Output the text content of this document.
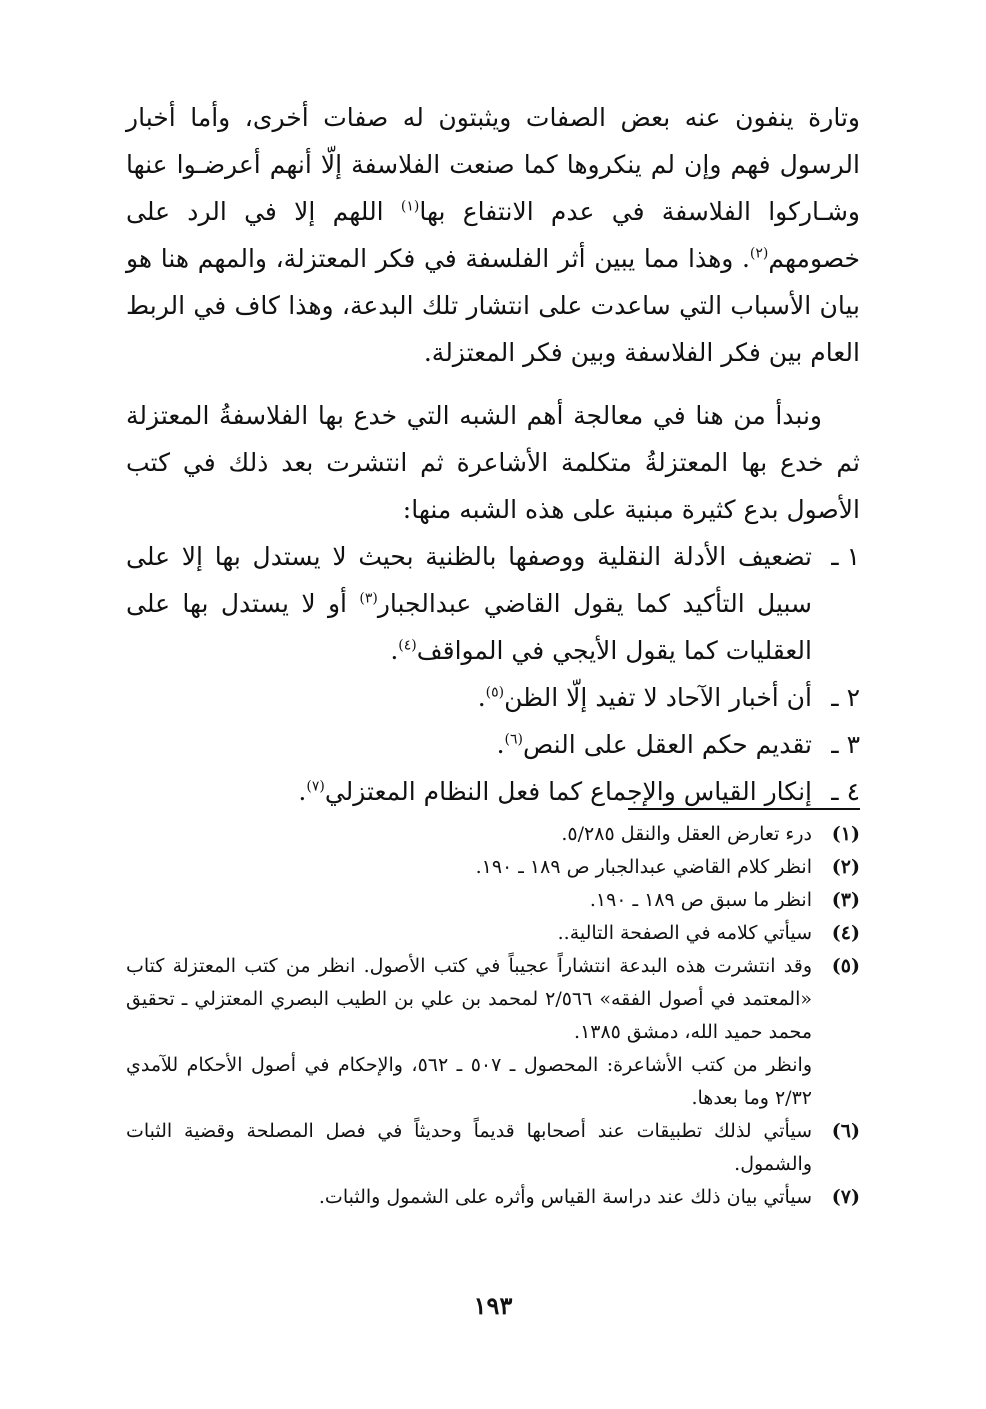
وتارة ينفون عنه بعض الصفات ويثبتون له صفات أخرى، وأما أخبار الرسول فهم وإن لم ينكروها كما صنعت الفلاسفة إلّا أنهم أعرضـوا عنها وشـاركوا الفلاسفة في عدم الانتفاع بها$^{(١)}$ اللهم إلا في الرد على خصومهم$^{(٢)}$. وهذا مما يبين أثر الفلسفة في فكر المعتزلة، والمهم هنا هو بيان الأسباب التي ساعدت على انتشار تلك البدعة، وهذا كاف في الربط العام بين فكر الفلاسفة وبين فكر المعتزلة.

ونبدأ من هنا في معالجة أهم الشبه التي خدع بها الفلاسفةُ المعتزلة ثم خدع بها المعتزلةُ متكلمة الأشاعرة ثم انتشرت بعد ذلك في كتب الأصول بدع كثيرة مبنية على هذه الشبه منها:

١ ـ
تضعيف الأدلة النقلية ووصفها بالظنية بحيث لا يستدل بها إلا على سبيل التأكيد كما يقول القاضي عبدالجبار$^{(٣)}$ أو لا يستدل بها على العقليات كما يقول الأيجي في المواقف$^{(٤)}$.
٢ ـ
أن أخبار الآحاد لا تفيد إلّا الظن$^{(٥)}$.
٣ ـ
تقديم حكم العقل على النص$^{(٦)}$.
٤ ـ
إنكار القياس والإجماع كما فعل النظام المعتزلي$^{(٧)}$.
(١)
درء تعارض العقل والنقل ٥/٢٨٥.
(٢)
انظر كلام القاضي عبدالجبار ص ١٨٩ ـ ١٩٠.
(٣)
انظر ما سبق ص ١٨٩ ـ ١٩٠.
(٤)
سيأتي كلامه في الصفحة التالية..
(٥)
وقد انتشرت هذه البدعة انتشاراً عجيباً في كتب الأصول. انظر من كتب المعتزلة كتاب «المعتمد في أصول الفقه» ٢/٥٦٦ لمحمد بن علي بن الطيب البصري المعتزلي ـ تحقيق محمد حميد الله، دمشق ١٣٨٥.
وانظر من كتب الأشاعرة: المحصول ـ ٥٠٧ ـ ٥٦٢، والإحكام في أصول الأحكام للآمدي ٢/٣٢ وما بعدها.
(٦)
سيأتي لذلك تطبيقات عند أصحابها قديماً وحديثاً في فصل المصلحة وقضية الثبات والشمول.
(٧)
سيأتي بيان ذلك عند دراسة القياس وأثره على الشمول والثبات.
١٩٣
